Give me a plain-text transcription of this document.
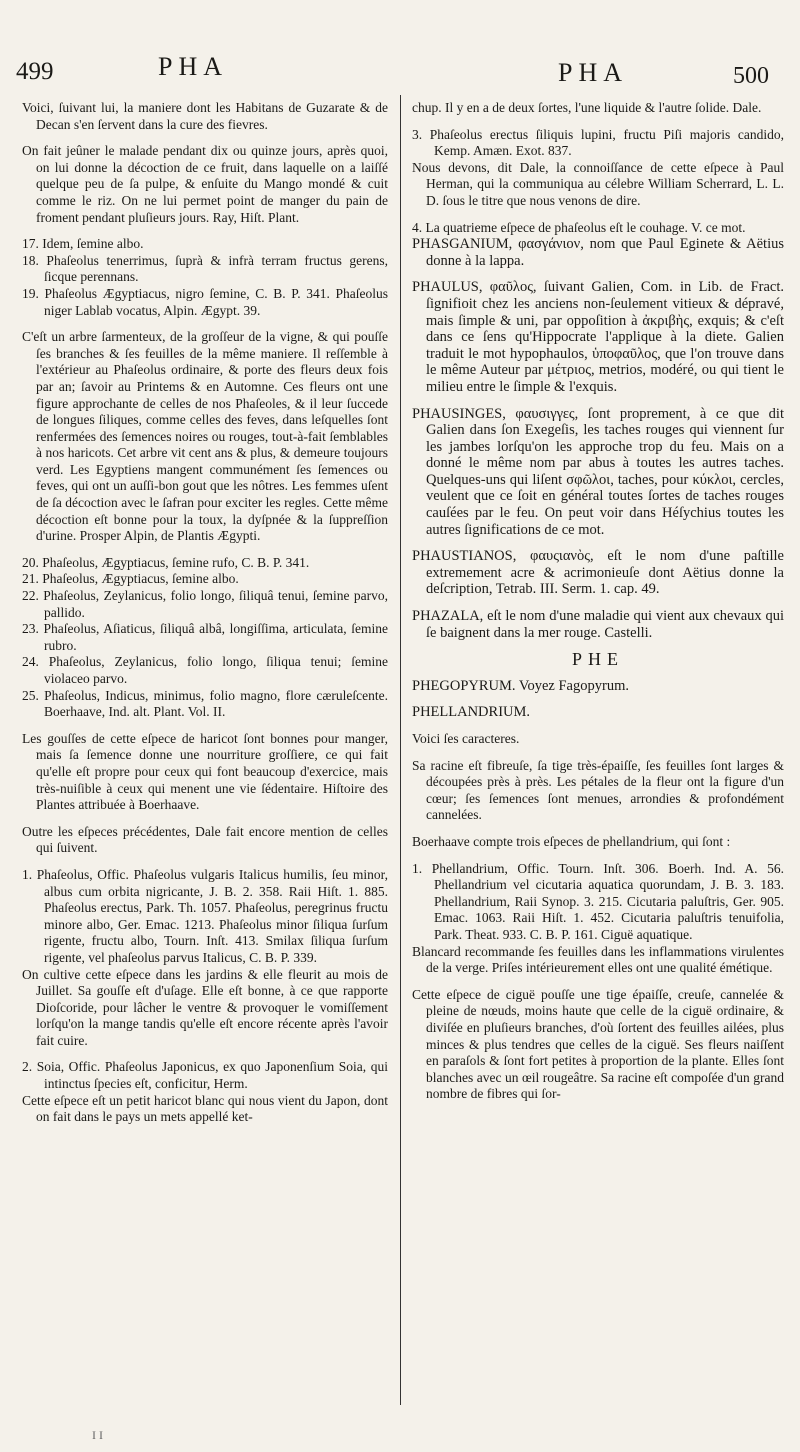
499	PHA	PHA	500

Voici, ſuivant lui, la maniere dont les Habitans de Guzarate & de Decan s'en ſervent dans la cure des fievres.

On fait jeûner le malade pendant dix ou quinze jours, après quoi, on lui donne la décoction de ce fruit, dans laquelle on a laiſſé quelque peu de ſa pulpe, & enſuite du Mango mondé & cuit comme le riz. On ne lui permet point de manger du pain de froment pendant pluſieurs jours. Ray, Hiſt. Plant.

17. Idem, ſemine albo.

18. Phaſeolus tenerrimus, ſuprà & infrà terram fructus gerens, ſicque perennans.

19. Phaſeolus Ægyptiacus, nigro ſemine, C. B. P. 341. Phaſeolus niger Lablab vocatus, Alpin. Ægypt. 39.

C'eſt un arbre ſarmenteux, de la groſſeur de la vigne, & qui pouſſe ſes branches & ſes feuilles de la même maniere. Il reſſemble à l'extérieur au Phaſeolus ordinaire, & porte des fleurs deux fois par an; ſavoir au Printems & en Automne. Ces fleurs ont une figure approchante de celles de nos Phaſeoles, & il leur ſuccede de longues ſiliques, comme celles des feves, dans leſquelles ſont renfermées des ſemences noires ou rouges, tout-à-fait ſemblables à nos haricots. Cet arbre vit cent ans & plus, & demeure toujours verd. Les Egyptiens mangent communément ſes ſemences ou feves, qui ont un auſſi-bon gout que les nôtres. Les femmes uſent de ſa décoction avec le ſafran pour exciter les regles. Cette même décoction eſt bonne pour la toux, la dyſpnée & la ſuppreſſion d'urine. Prosper Alpin, de Plantis Ægypti.

20. Phaſeolus, Ægyptiacus, ſemine rufo, C. B. P. 341.

21. Phaſeolus, Ægyptiacus, ſemine albo.

22. Phaſeolus, Zeylanicus, folio longo, ſiliquâ tenui, ſemine parvo, pallido.

23. Phaſeolus, Aſiaticus, ſiliquâ albâ, longiſſima, articulata, ſemine rubro.

24. Phaſeolus, Zeylanicus, folio longo, ſiliqua tenui; ſemine violaceo parvo.

25. Phaſeolus, Indicus, minimus, folio magno, flore cæruleſcente. Boerhaave, Ind. alt. Plant. Vol. II.

Les gouſſes de cette eſpece de haricot ſont bonnes pour manger, mais ſa ſemence donne une nourriture groſſiere, ce qui fait qu'elle eſt propre pour ceux qui font beaucoup d'exercice, mais très-nuiſible à ceux qui menent une vie ſédentaire. Hiſtoire des Plantes attribuée à Boerhaave.

Outre les eſpeces précédentes, Dale fait encore mention de celles qui ſuivent.

1. Phaſeolus, Offic. Phaſeolus vulgaris Italicus humilis, ſeu minor, albus cum orbita nigricante, J. B. 2. 358. Raii Hiſt. 1. 885. Phaſeolus erectus, Park. Th. 1057. Phaſeolus, peregrinus fructu minore albo, Ger. Emac. 1213. Phaſeolus minor ſiliqua ſurſum rigente, fructu albo, Tourn. Inſt. 413. Smilax ſiliqua ſurſum rigente, vel phaſeolus parvus Italicus, C. B. P. 339.

On cultive cette eſpece dans les jardins & elle fleurit au mois de Juillet. Sa gouſſe eſt d'uſage. Elle eſt bonne, à ce que rapporte Dioſcoride, pour lâcher le ventre & provoquer le vomiſſement lorſqu'on la mange tandis qu'elle eſt encore récente après l'avoir fait cuire.

2. Soia, Offic. Phaſeolus Japonicus, ex quo Japonenſium Soia, qui intinctus ſpecies eſt, conficitur, Herm.

Cette eſpece eſt un petit haricot blanc qui nous vient du Japon, dont on fait dans le pays un mets appellé ket-

chup. Il y en a de deux ſortes, l'une liquide & l'autre ſolide. Dale.

3. Phaſeolus erectus ſiliquis lupini, fructu Piſi majoris candido, Kemp. Amæn. Exot. 837.

Nous devons, dit Dale, la connoiſſance de cette eſpece à Paul Herman, qui la communiqua au célebre William Scherrard, L. L. D. ſous le titre que nous venons de dire.

4. La quatrieme eſpece de phaſeolus eſt le couhage. V. ce mot.

PHASGANIUM, φασγάνιον, nom que Paul Eginete & Aëtius donne à la lappa.

PHAULUS, φαῦλος, ſuivant Galien, Com. in Lib. de Fract. ſignifioit chez les anciens non-ſeulement vitieux & dépravé, mais ſimple & uni, par oppoſition à ἀκριβὴς, exquis; & c'eſt dans ce ſens qu'Hippocrate l'applique à la diete. Galien traduit le mot hypophaulos, ὑποφαῦλος, que l'on trouve dans le même Auteur par μέτριος, metrios, modéré, ou qui tient le milieu entre le ſimple & l'exquis.

PHAUSINGES, φαυσιγγες, ſont proprement, à ce que dit Galien dans ſon Exegeſis, les taches rouges qui viennent ſur les jambes lorſqu'on les approche trop du feu. Mais on a donné le même nom par abus à toutes les autres taches. Quelques-uns qui liſent σφῶλοι, taches, pour κύκλοι, cercles, veulent que ce ſoit en général toutes ſortes de taches rouges cauſées par le feu. On peut voir dans Héſychius toutes les autres ſignifications de ce mot.

PHAUSTIANOS, φαυςιανὸς, eſt le nom d'une paſtille extremement acre & acrimonieuſe dont Aëtius donne la deſcription, Tetrab. III. Serm. 1. cap. 49.

PHAZALA, eſt le nom d'une maladie qui vient aux chevaux qui ſe baignent dans la mer rouge. Castelli.

PHE

PHEGOPYRUM. Voyez Fagopyrum.

PHELLANDRIUM.

Voici ſes caracteres.

Sa racine eſt fibreuſe, ſa tige très-épaiſſe, ſes feuilles ſont larges & découpées près à près. Les pétales de la fleur ont la figure d'un cœur; ſes ſemences ſont menues, arrondies & profondément cannelées.

Boerhaave compte trois eſpeces de phellandrium, qui ſont :

1. Phellandrium, Offic. Tourn. Inſt. 306. Boerh. Ind. A. 56. Phellandrium vel cicutaria aquatica quorundam, J. B. 3. 183. Phellandrium, Raii Synop. 3. 215. Cicutaria paluſtris, Ger. 905. Emac. 1063. Raii Hiſt. 1. 452. Cicutaria paluſtris tenuifolia, Park. Theat. 933. C. B. P. 161. Ciguë aquatique.

Blancard recommande ſes feuilles dans les inflammations virulentes de la verge. Priſes intérieurement elles ont une qualité émétique.

Cette eſpece de ciguë pouſſe une tige épaiſſe, creuſe, cannelée & pleine de nœuds, moins haute que celle de la ciguë ordinaire, & diviſée en pluſieurs branches, d'où ſortent des feuilles ailées, plus minces & plus tendres que celles de la ciguë. Ses fleurs naiſſent en paraſols & ſont fort petites à proportion de la plante. Elles ſont blanches avec un œil rougeâtre. Sa racine eſt compoſée d'un grand nombre de fibres qui ſor-

I I
